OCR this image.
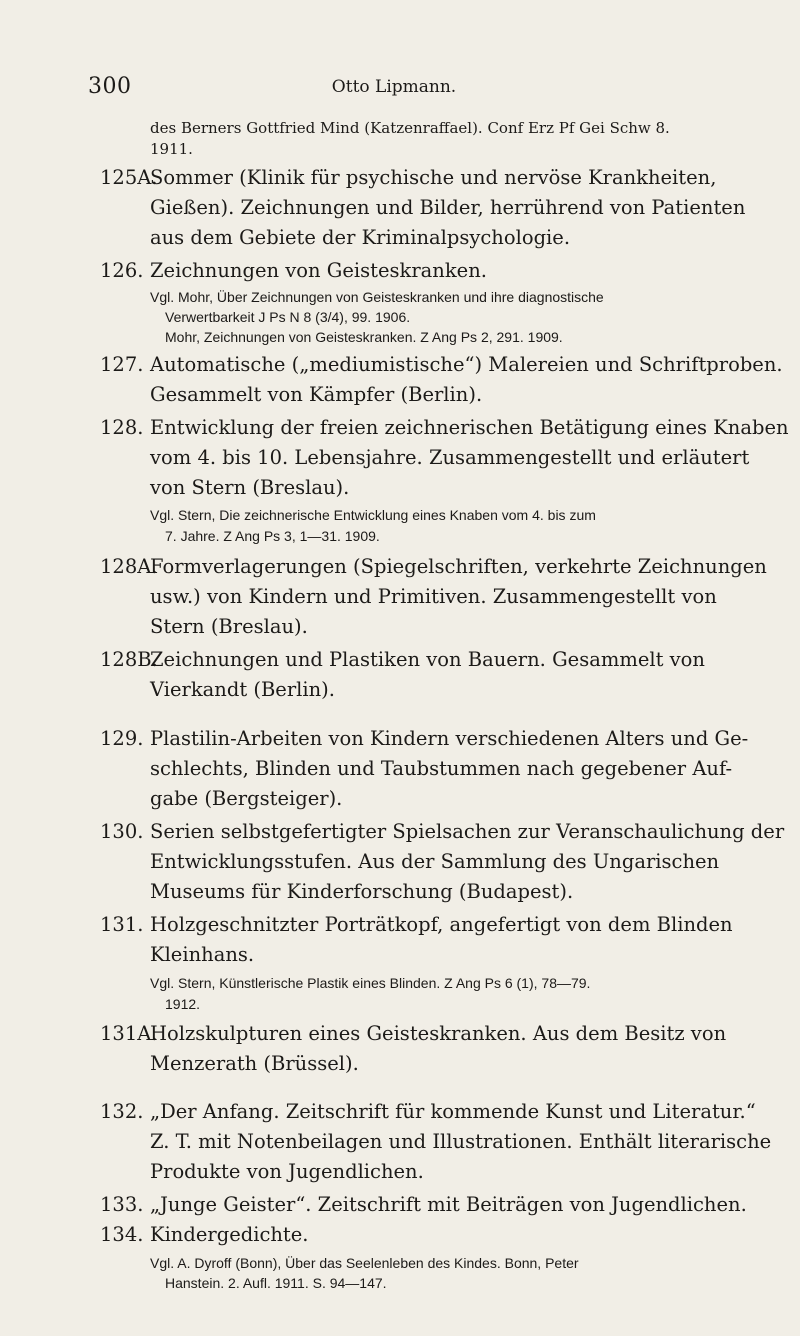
300	Otto Lipmann.
des Berners Gottfried Mind (Katzenraffael). Conf Erz Pf Gei Schw 8.
1911.
125A.Sommer (Klinik für psychische und nervöse Krankheiten,
Gießen). Zeichnungen und Bilder, herrührend von Patienten
aus dem Gebiete der Kriminalpsychologie.
126. Zeichnungen von Geisteskranken.
Vgl. Mohr, Über Zeichnungen von Geisteskranken und ihre diagnostische
Verwertbarkeit J Ps N 8 (3/4), 99. 1906.
Mohr, Zeichnungen von Geisteskranken. Z Ang Ps 2, 291. 1909.
127. Automatische („mediumistische“) Malereien und Schriftproben.
Gesammelt von Kämpfer (Berlin).
128. Entwicklung der freien zeichnerischen Betätigung eines Knaben
vom 4. bis 10. Lebensjahre. Zusammengestellt und erläutert
von Stern (Breslau).
Vgl. Stern, Die zeichnerische Entwicklung eines Knaben vom 4. bis zum
7. Jahre. Z Ang Ps 3, 1—31. 1909.
128A.Formverlagerungen (Spiegelschriften, verkehrte Zeichnungen
usw.) von Kindern und Primitiven. Zusammengestellt von
Stern (Breslau).
128B.Zeichnungen und Plastiken von Bauern. Gesammelt von
Vierkandt (Berlin).
129. Plastilin-Arbeiten von Kindern verschiedenen Alters und Ge-
schlechts, Blinden und Taubstummen nach gegebener Auf-
gabe (Bergsteiger).
130. Serien selbstgefertigter Spielsachen zur Veranschaulichung der
Entwicklungsstufen. Aus der Sammlung des Ungarischen
Museums für Kinderforschung (Budapest).
131. Holzgeschnitzter Porträtkopf, angefertigt von dem Blinden
Kleinhans.
Vgl. Stern, Künstlerische Plastik eines Blinden. Z Ang Ps 6 (1), 78—79.
1912.
131A.Holzskulpturen eines Geisteskranken. Aus dem Besitz von
Menzerath (Brüssel).
132. „Der Anfang. Zeitschrift für kommende Kunst und Literatur.“
Z. T. mit Notenbeilagen und Illustrationen. Enthält literarische
Produkte von Jugendlichen.
133. „Junge Geister“. Zeitschrift mit Beiträgen von Jugendlichen.
134. Kindergedichte.
Vgl. A. Dyroff (Bonn), Über das Seelenleben des Kindes. Bonn, Peter
Hanstein. 2. Aufl. 1911. S. 94—147.
